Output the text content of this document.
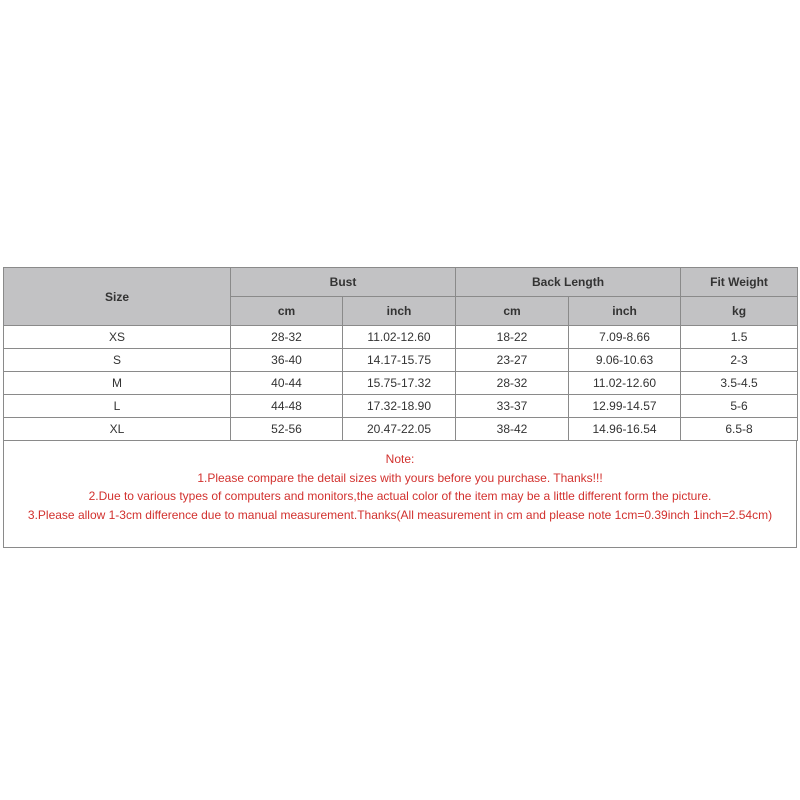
Size	Bust		Back Length		Fit Weight
	cm	inch	cm	inch	kg
XS	28-32	11.02-12.60	18-22	7.09-8.66	1.5
S	36-40	14.17-15.75	23-27	9.06-10.63	2-3
M	40-44	15.75-17.32	28-32	11.02-12.60	3.5-4.5
L	44-48	17.32-18.90	33-37	12.99-14.57	5-6
XL	52-56	20.47-22.05	38-42	14.96-16.54	6.5-8
Note:
1.Please compare the detail sizes with yours before you purchase. Thanks!!!
2.Due to various types of computers and monitors,the actual color of the item may be a little different form the picture.
3.Please allow 1-3cm difference due to manual measurement.Thanks(All measurement in cm and please note 1cm=0.39inch 1inch=2.54cm)
